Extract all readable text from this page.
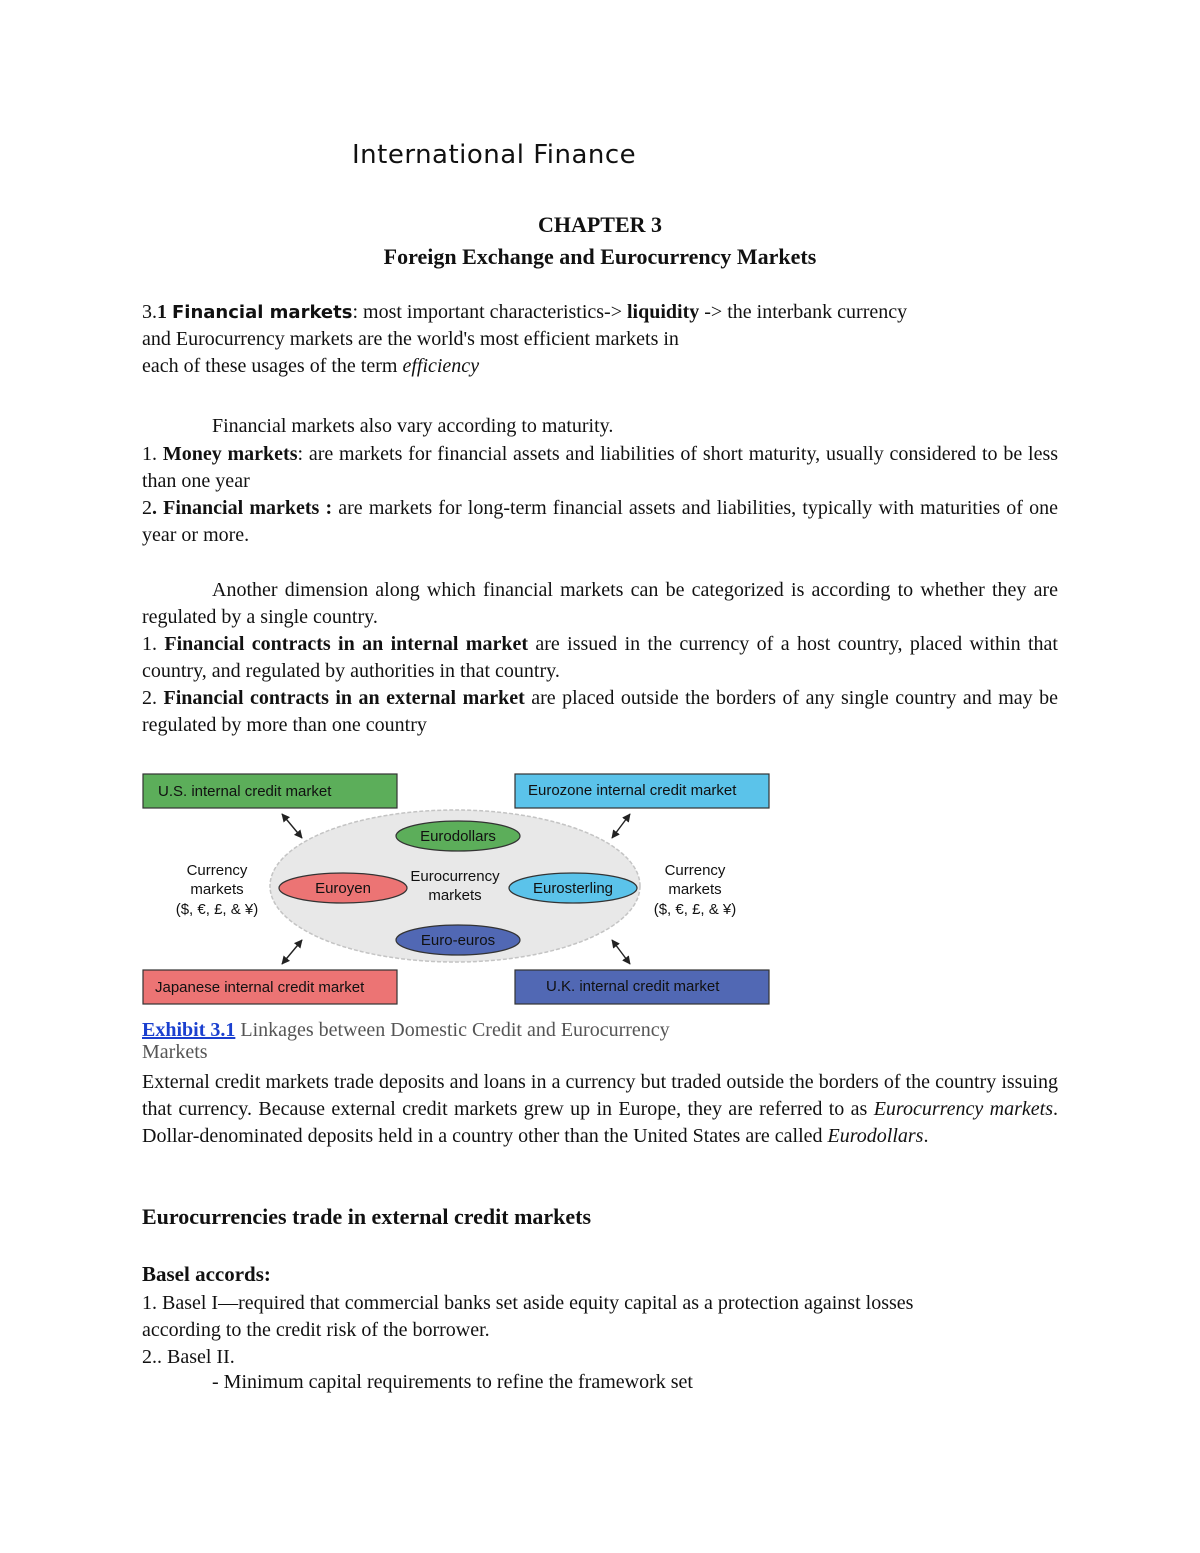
International Finance
CHAPTER 3
Foreign Exchange and Eurocurrency Markets
3.1 Financial markets: most important characteristics-> liquidity -> the interbank currency
and Eurocurrency markets are the world's most efficient markets in
each of these usages of the term efficiency

Financial markets also vary according to maturity.

1. Money markets: are markets for financial assets and liabilities of short maturity, usually considered to be less than one year

2. Financial markets : are markets for long-term financial assets and liabilities, typically with maturities of one year or more.

Another dimension along which financial markets can be categorized is according to whether they are regulated by a single country.

1. Financial contracts in an internal market are issued in the currency of a host country, placed within that country, and regulated by authorities in that country.

2. Financial contracts in an external market are placed outside the borders of any single country and may be regulated by more than one country

U.S. internal credit market	Eurozone internal credit market
Japanese internal credit market	U.K. internal credit market
Eurodollars
Euroyen	Eurosterling
Euro-euros
Eurocurrency
markets
Currency
markets
($, €, £, & ¥)
Currency
markets
($, €, £, & ¥)
Exhibit 3.1 Linkages between Domestic Credit and Eurocurrency
Markets

External credit markets trade deposits and loans in a currency but traded outside the borders of the country issuing that currency. Because external credit markets grew up in Europe, they are referred to as Eurocurrency markets. Dollar-denominated deposits held in a country other than the United States are called Eurodollars.

Eurocurrencies trade in external credit markets
Basel accords:
1. Basel I—required that commercial banks set aside equity capital as a protection against losses
according to the credit risk of the borrower.
2.. Basel II.

- Minimum capital requirements to refine the framework set
